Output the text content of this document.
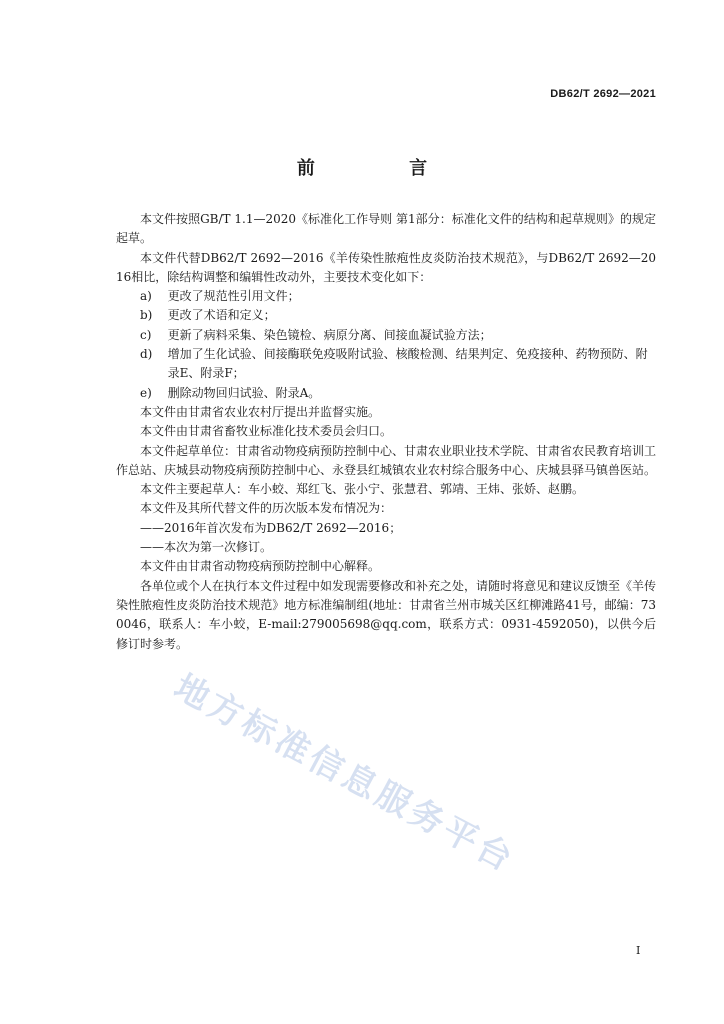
DB62/T 2692—2021
前 言

本文件按照GB/T 1.1—2020《标准化工作导则 第1部分：标准化文件的结构和起草规则》的规定起草。

本文件代替DB62/T 2692—2016《羊传染性脓疱性皮炎防治技术规范》，与DB62/T 2692—2016相比，除结构调整和编辑性改动外，主要技术变化如下：

a)	更改了规范性引用文件；
b)	更改了术语和定义；
c)	更新了病料采集、染色镜检、病原分离、间接血凝试验方法；
d)	增加了生化试验、间接酶联免疫吸附试验、核酸检测、结果判定、免疫接种、药物预防、附录E、附录F；
e)	删除动物回归试验、附录A。

本文件由甘肃省农业农村厅提出并监督实施。

本文件由甘肃省畜牧业标准化技术委员会归口。

本文件起草单位：甘肃省动物疫病预防控制中心、甘肃农业职业技术学院、甘肃省农民教育培训工作总站、庆城县动物疫病预防控制中心、永登县红城镇农业农村综合服务中心、庆城县驿马镇兽医站。

本文件主要起草人：车小蛟、郑红飞、张小宁、张慧君、郭靖、王炜、张娇、赵鹏。

本文件及其所代替文件的历次版本发布情况为：

——2016年首次发布为DB62/T 2692—2016；

——本次为第一次修订。

本文件由甘肃省动物疫病预防控制中心解释。

各单位或个人在执行本文件过程中如发现需要修改和补充之处，请随时将意见和建议反馈至《羊传染性脓疱性皮炎防治技术规范》地方标准编制组(地址：甘肃省兰州市城关区红柳滩路41号，邮编：730046，联系人：车小蛟，E-mail:279005698@qq.com，联系方式：0931-4592050)，以供今后修订时参考。

地方标准信息服务平台
I
